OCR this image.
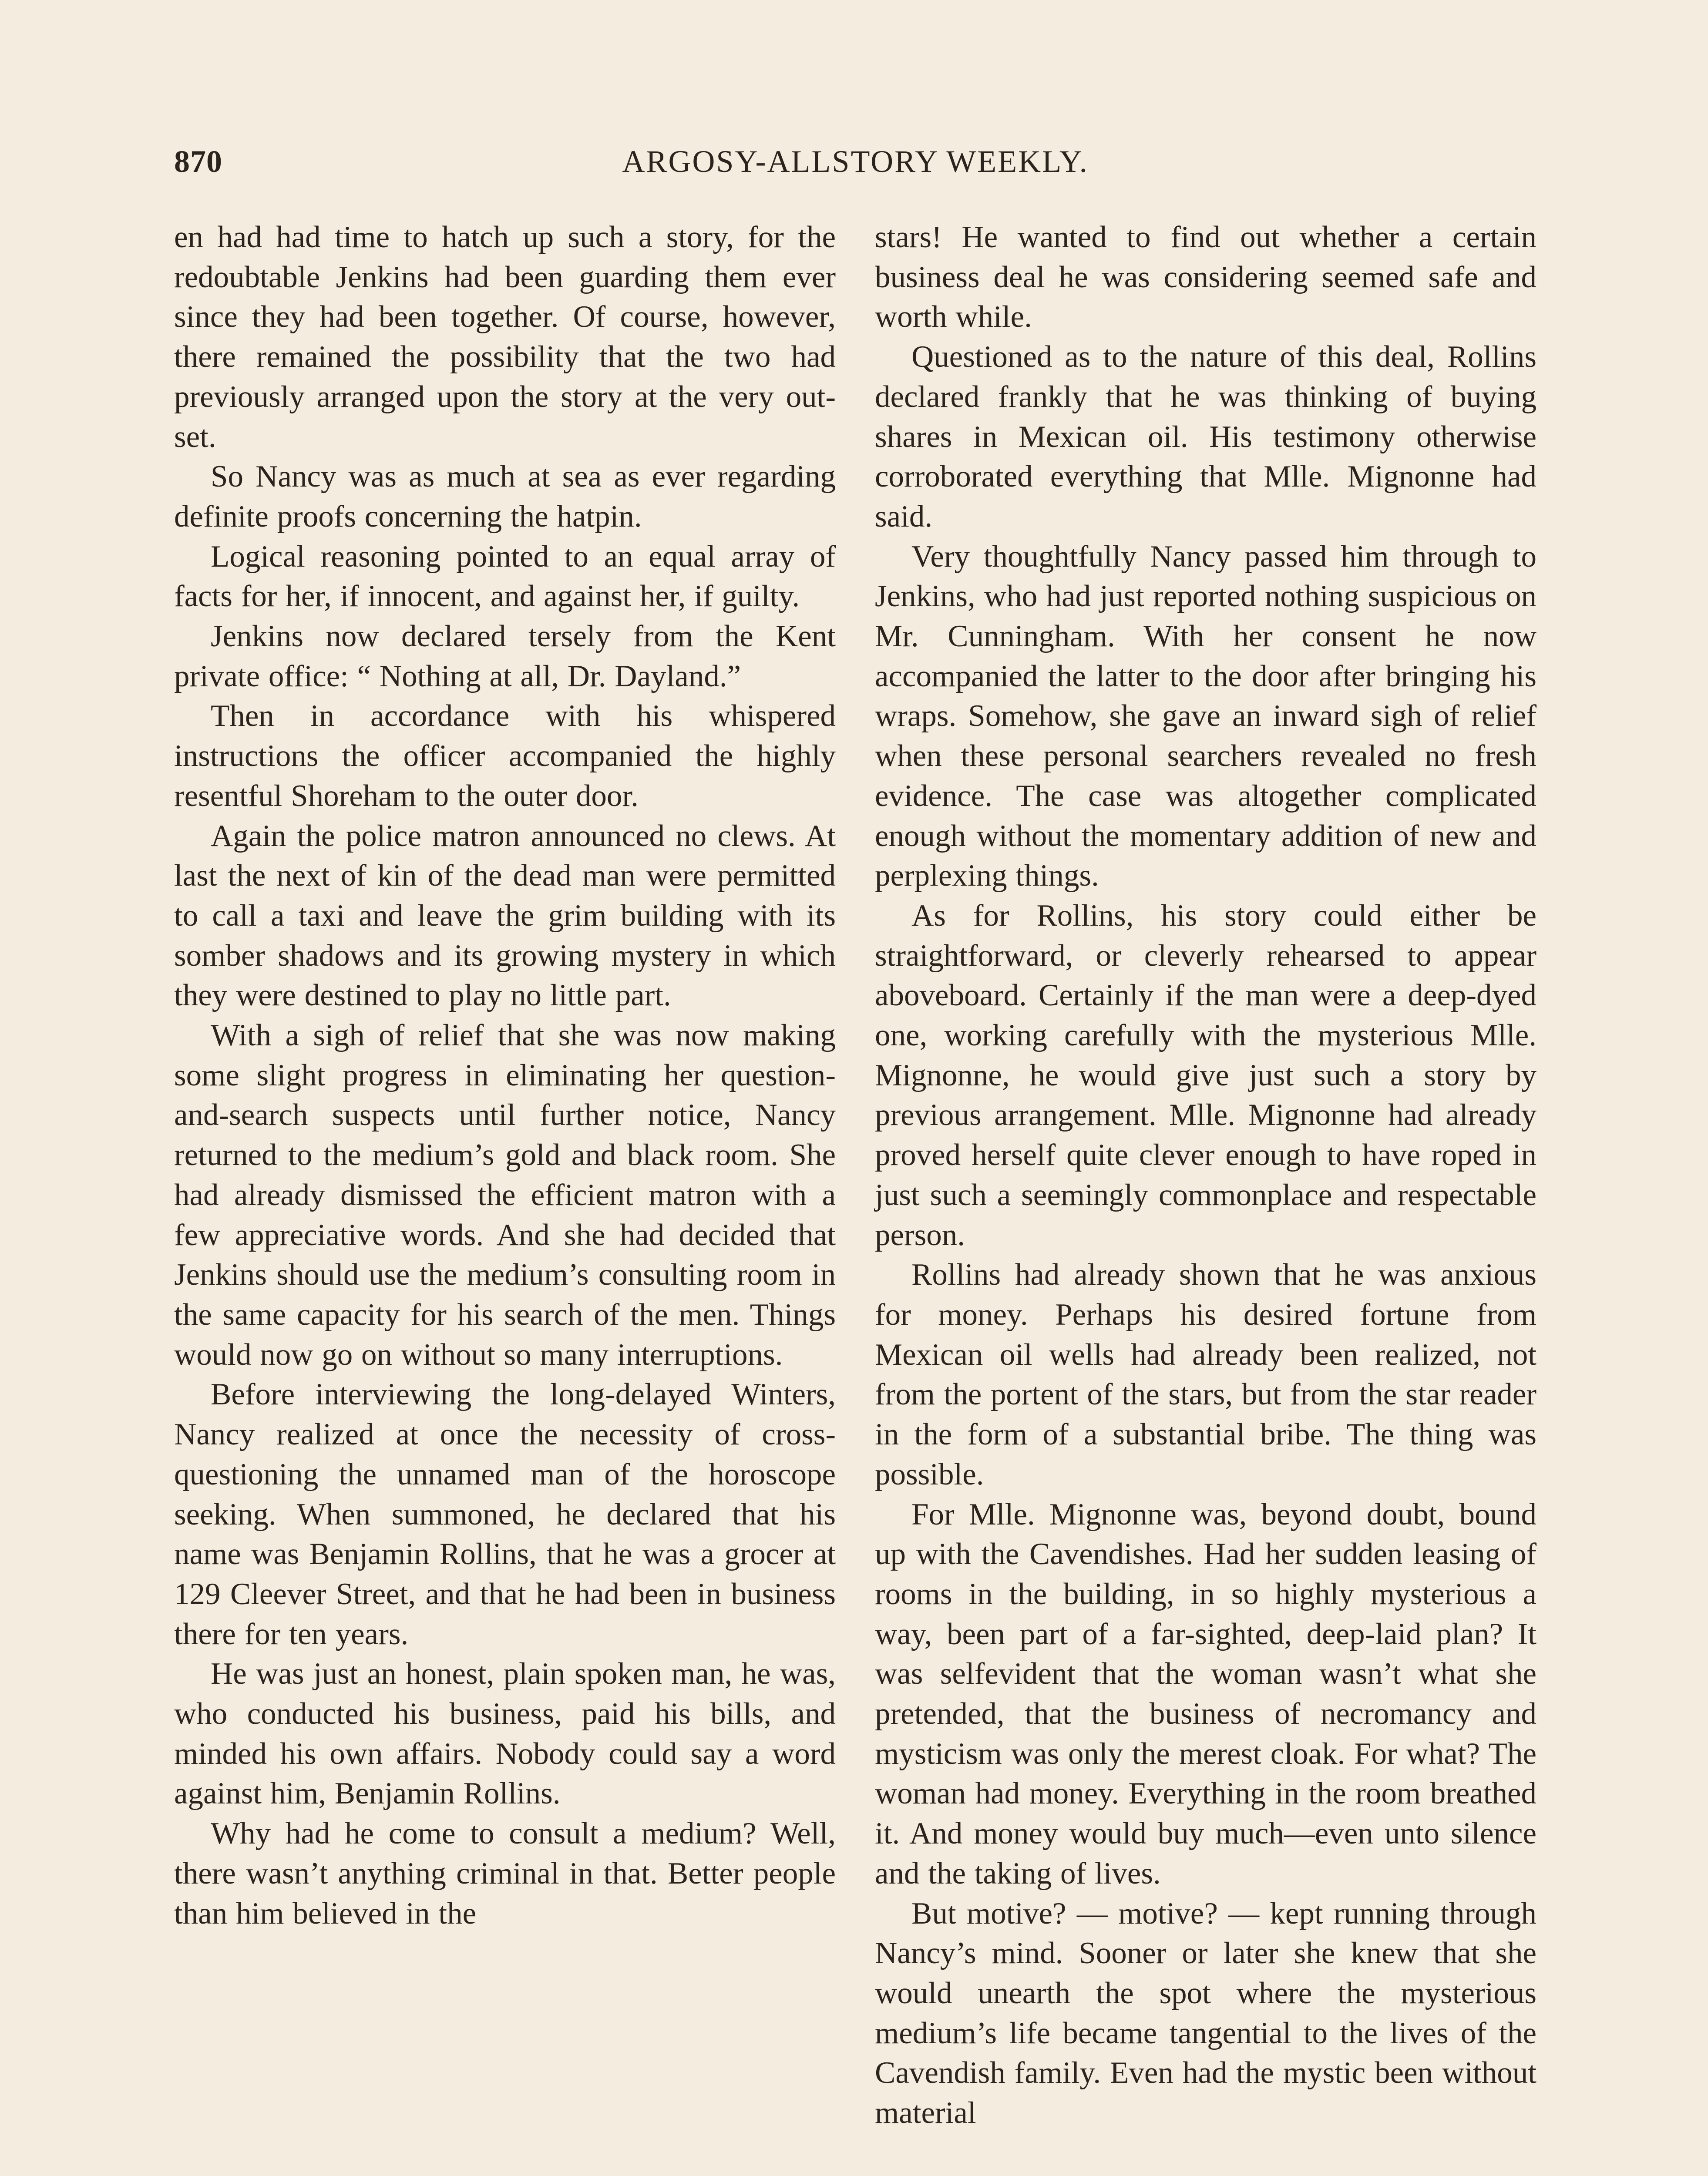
870	ARGOSY-ALLSTORY WEEKLY.

en had had time to hatch up such a story, for the redoubtable Jenkins had been guarding them ever since they had been together. Of course, however, there remained the possibility that the two had previously arranged upon the story at the very outset.

So Nancy was as much at sea as ever regarding definite proofs concerning the hatpin.

Logical reasoning pointed to an equal array of facts for her, if innocent, and against her, if guilty.

Jenkins now declared tersely from the Kent private office: “ Nothing at all, Dr. Dayland.”

Then in accordance with his whispered instructions the officer accompanied the highly resentful Shoreham to the outer door.

Again the police matron announced no clews. At last the next of kin of the dead man were permitted to call a taxi and leave the grim building with its somber shadows and its growing mystery in which they were destined to play no little part.

With a sigh of relief that she was now making some slight progress in eliminating her question-and-search suspects until further notice, Nancy returned to the medium’s gold and black room. She had already dismissed the efficient matron with a few appreciative words. And she had decided that Jenkins should use the medium’s consulting room in the same capacity for his search of the men. Things would now go on without so many interruptions.

Before interviewing the long-delayed Winters, Nancy realized at once the necessity of cross-questioning the unnamed man of the horoscope seeking. When summoned, he declared that his name was Benjamin Rollins, that he was a grocer at 129 Cleever Street, and that he had been in business there for ten years.

He was just an honest, plain spoken man, he was, who conducted his business, paid his bills, and minded his own affairs. Nobody could say a word against him, Benjamin Rollins.

Why had he come to consult a medium? Well, there wasn’t anything criminal in that. Better people than him believed in the

stars! He wanted to find out whether a certain business deal he was considering seemed safe and worth while.

Questioned as to the nature of this deal, Rollins declared frankly that he was thinking of buying shares in Mexican oil. His testimony otherwise corroborated everything that Mlle. Mignonne had said.

Very thoughtfully Nancy passed him through to Jenkins, who had just reported nothing suspicious on Mr. Cunningham. With her consent he now accompanied the latter to the door after bringing his wraps. Somehow, she gave an inward sigh of relief when these personal searchers revealed no fresh evidence. The case was altogether complicated enough without the momentary addition of new and perplexing things.

As for Rollins, his story could either be straightforward, or cleverly rehearsed to appear aboveboard. Certainly if the man were a deep-dyed one, working carefully with the mysterious Mlle. Mignonne, he would give just such a story by previous arrangement. Mlle. Mignonne had already proved herself quite clever enough to have roped in just such a seemingly commonplace and respectable person.

Rollins had already shown that he was anxious for money. Perhaps his desired fortune from Mexican oil wells had already been realized, not from the portent of the stars, but from the star reader in the form of a substantial bribe. The thing was possible.

For Mlle. Mignonne was, beyond doubt, bound up with the Cavendishes. Had her sudden leasing of rooms in the building, in so highly mysterious a way, been part of a far-sighted, deep-laid plan? It was selfevident that the woman wasn’t what she pretended, that the business of necromancy and mysticism was only the merest cloak. For what? The woman had money. Everything in the room breathed it. And money would buy much—even unto silence and the taking of lives.

But motive? — motive? — kept running through Nancy’s mind. Sooner or later she knew that she would unearth the spot where the mysterious medium’s life became tangential to the lives of the Cavendish family. Even had the mystic been without material
